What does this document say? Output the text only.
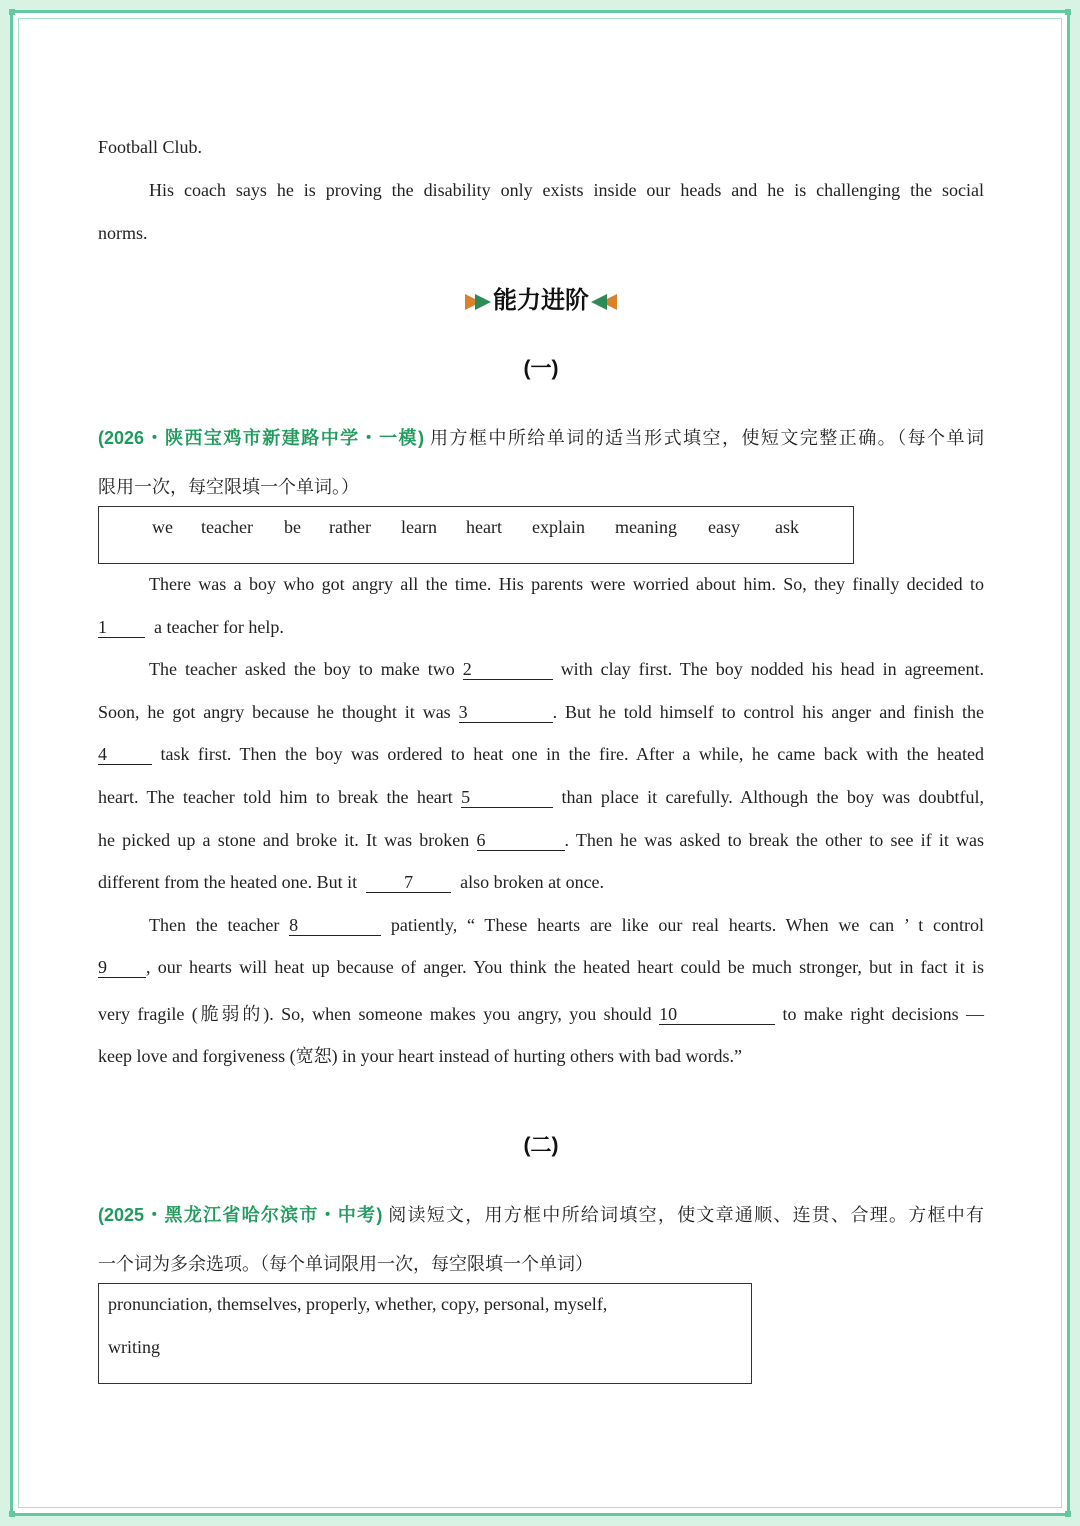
Football Club.
His coach says he is proving the disability only exists inside our heads and he is challenging the social
norms.
能力进阶
(一)
(2026・陕西宝鸡市新建路中学・一模) 用方框中所给单词的适当形式填空，使短文完整正确。（每个单词
限用一次，每空限填一个单词。）
we teacher be rather learn heart explain meaning easy ask
There was a boy who got angry all the time. His parents were worried about him. So, they finally decided to
1	a teacher for help.
The teacher asked the boy to make two 2	with clay first. The boy nodded his head in agreement.
Soon, he got angry because he thought it was 3	. But he told himself to control his anger and finish the
4	task first. Then the boy was ordered to heat one in the fire. After a while, he came back with the heated
heart. The teacher told him to break the heart 5	than place it carefully. Although the boy was doubtful,
he picked up a stone and broke it. It was broken 6	. Then he was asked to break the other to see if it was
different from the heated one. But it	7	also broken at once.
Then the teacher 8	patiently, “ These hearts are like our real hearts. When we can ’ t control
9 , our hearts will heat up because of anger. You think the heated heart could be much stronger, but in fact it is
very fragile (脆弱的). So, when someone makes you angry, you should 10	to make right decisions —
keep love and forgiveness (宽恕) in your heart instead of hurting others with bad words.”
(二)
(2025・黑龙江省哈尔滨市・中考) 阅读短文，用方框中所给词填空，使文章通顺、连贯、合理。方框中有
一个词为多余选项。（每个单词限用一次，每空限填一个单词）
pronunciation, themselves, properly, whether, copy, personal, myself,
writing
